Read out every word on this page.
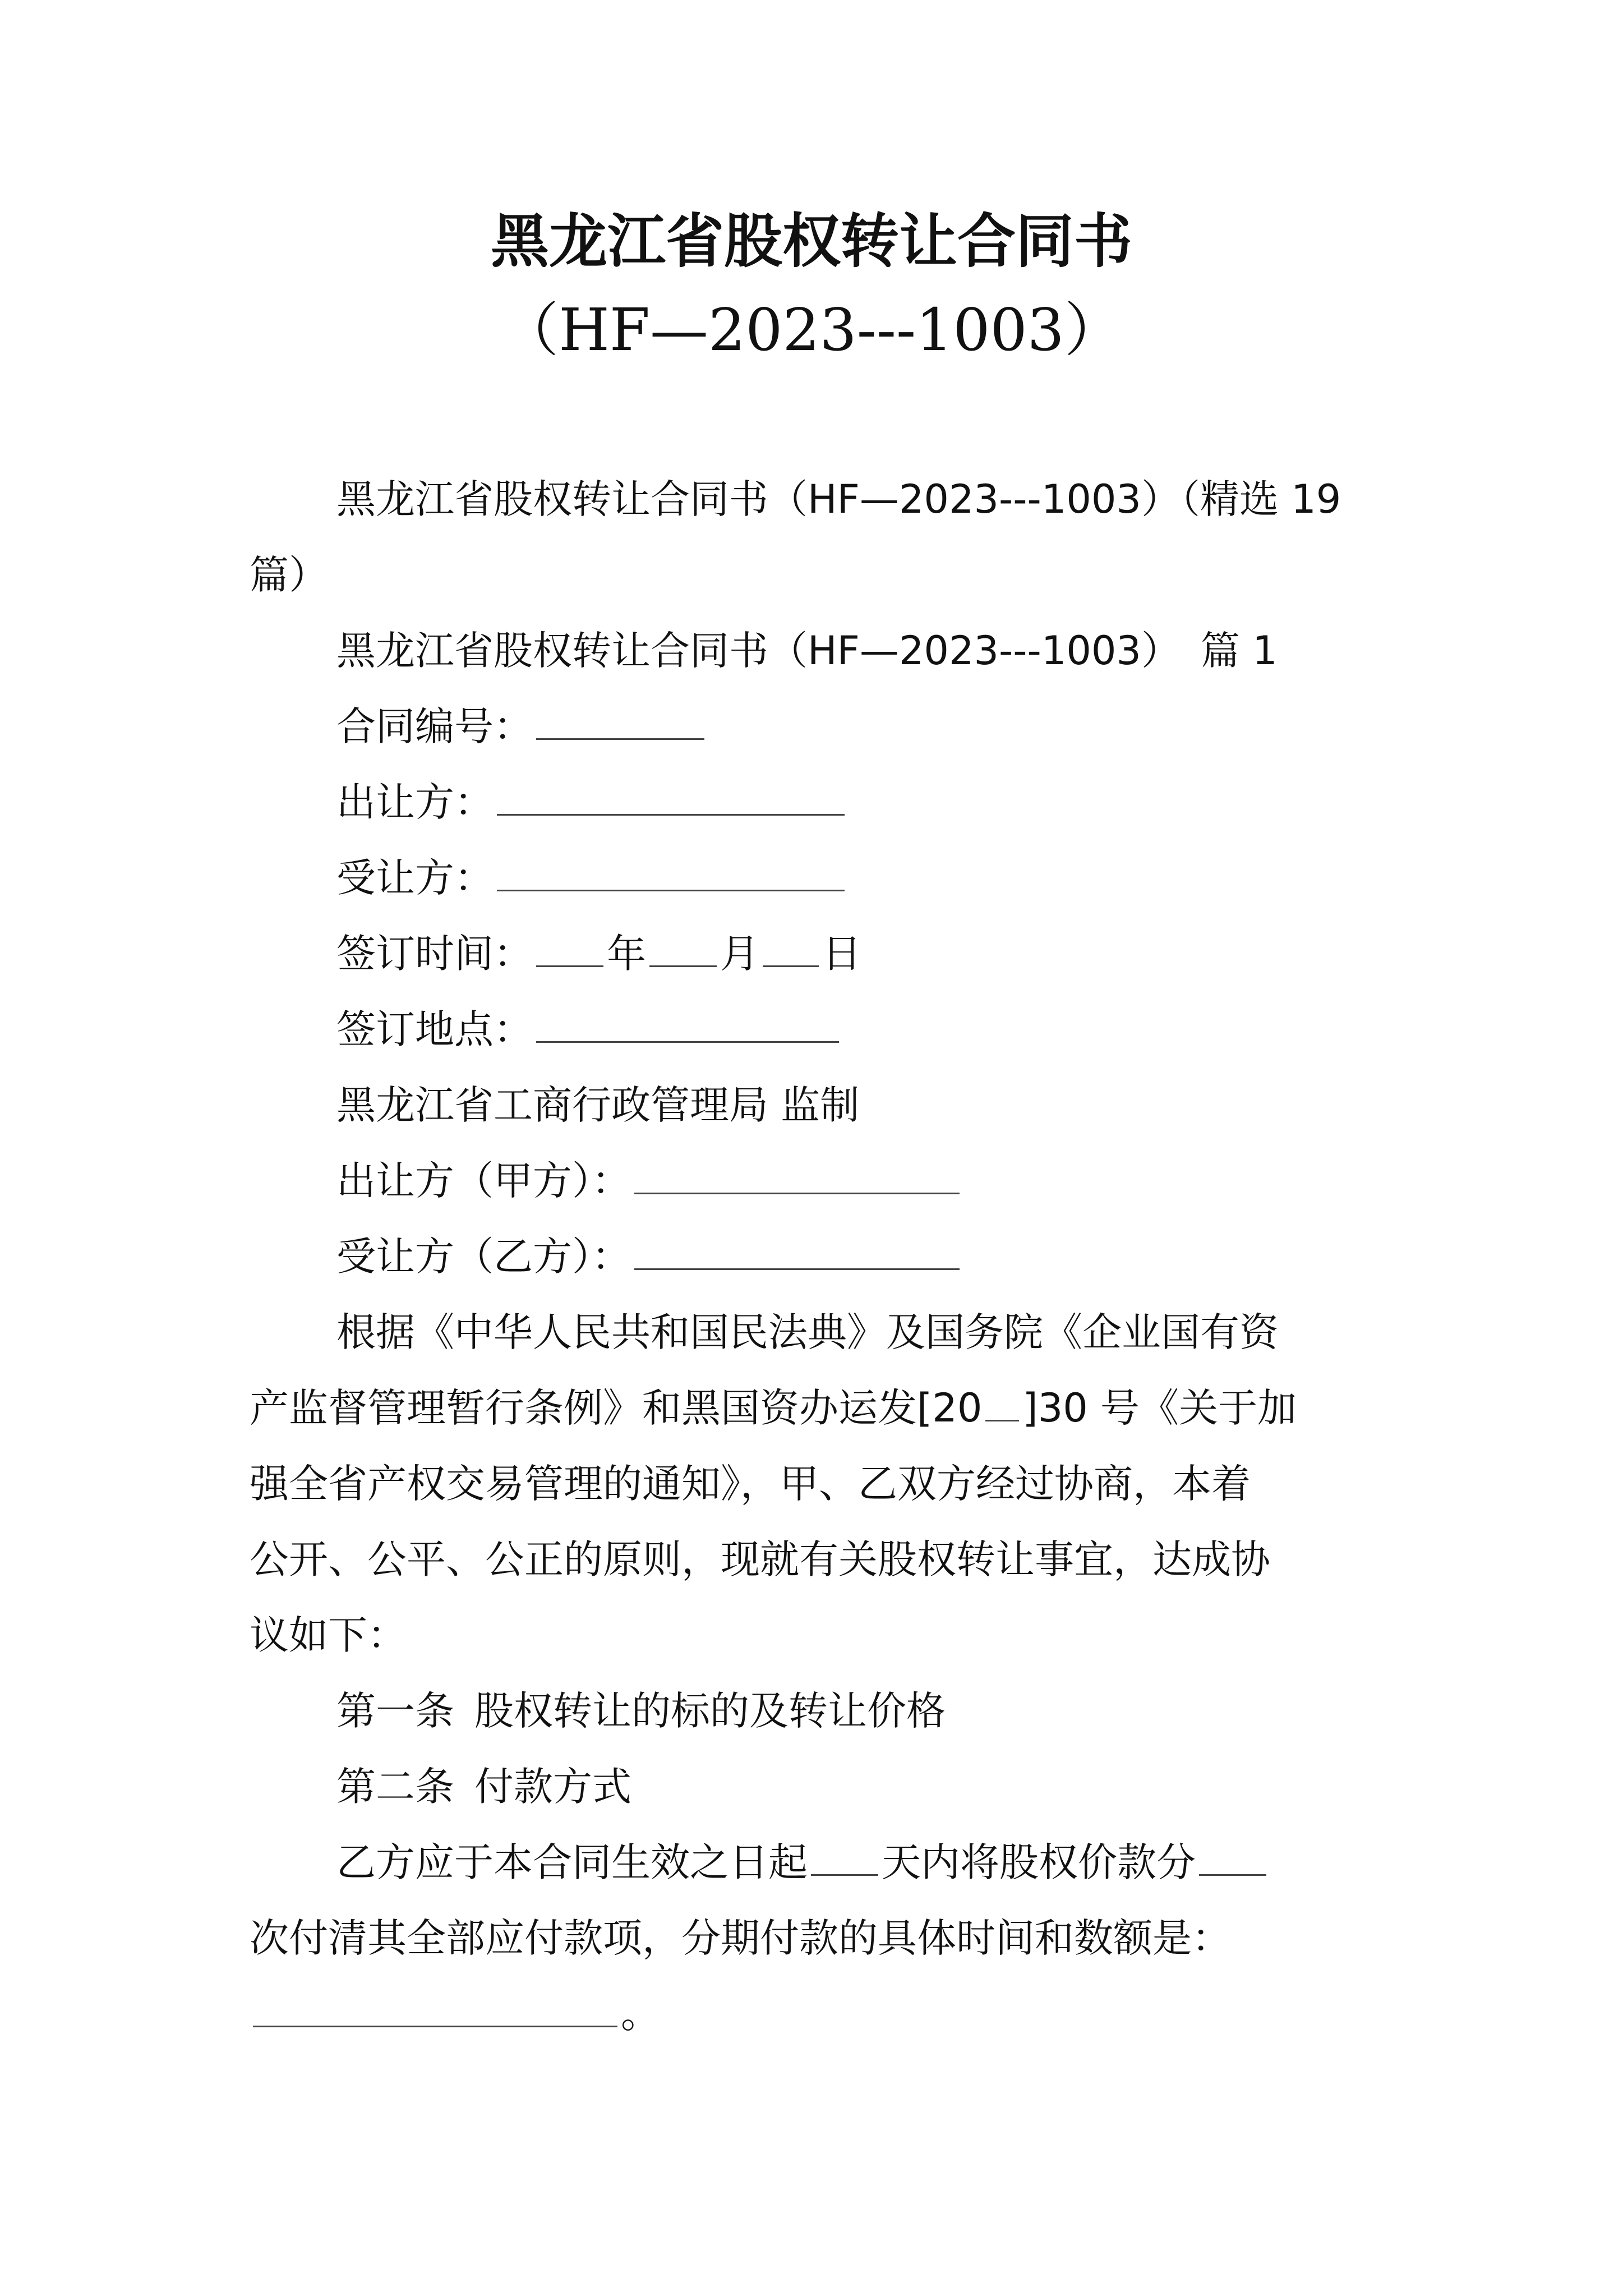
黑龙江省股权转让合同书
（HF—2023---1003）
黑龙江省股权转让合同书（HF—2023---1003）（精选 19
篇）
黑龙江省股权转让合同书（HF—2023---1003） 篇 1
合同编号：
出让方：
受让方：
签订时间： 年 月 日
签订地点：
黑龙江省工商行政管理局 监制
出让方（甲方）：
受让方（乙方）：
根据《中华人民共和国民法典》及国务院《企业国有资
产监督管理暂行条例》和黑国资办运发[20 ]30 号《关于加
强全省产权交易管理的通知》，甲、乙双方经过协商，本着
公开、公平、公正的原则，现就有关股权转让事宜，达成协
议如下：
第一条 股权转让的标的及转让价格
第二条 付款方式
乙方应于本合同生效之日起 天内将股权价款分
次付清其全部应付款项，分期付款的具体时间和数额是：
。
